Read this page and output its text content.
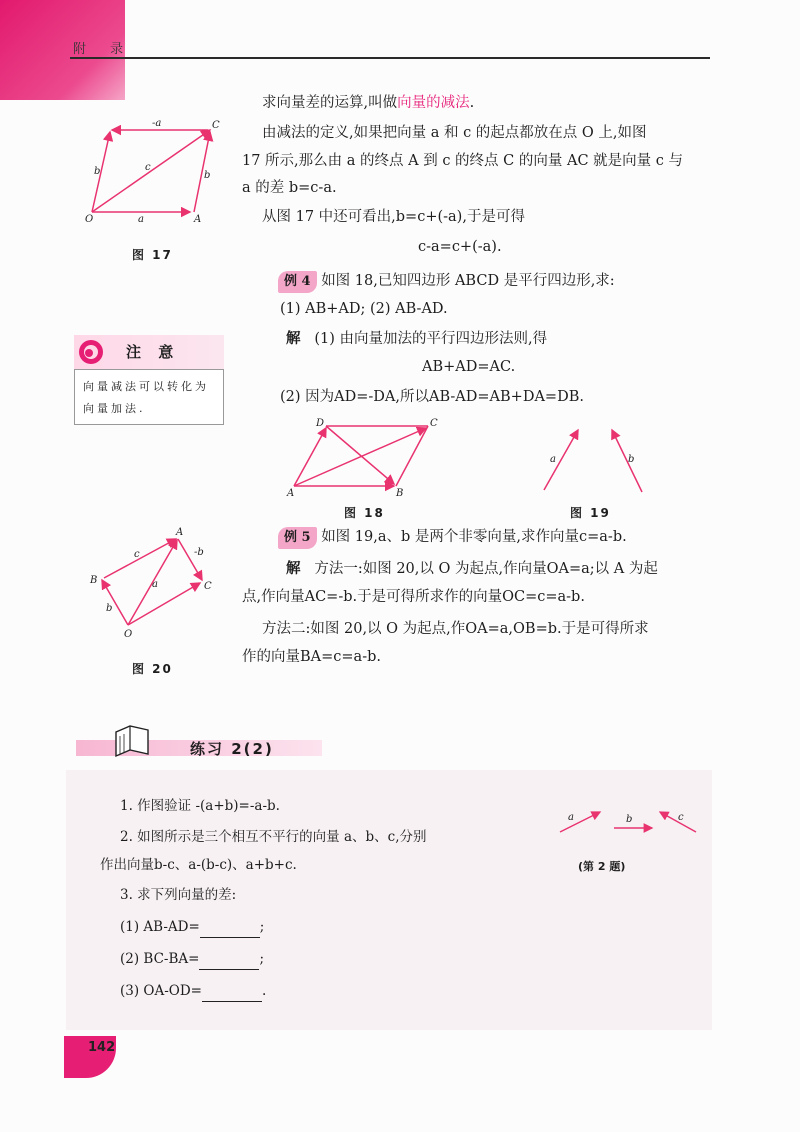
附 录
O	A
C
b	b
a
-a
c
图 17
注 意
向量减法可以转化为向量加法.
A
B
C
O
a
b
c	-b
图 20
求向量差的运算,叫做向量的减法.
由减法的定义,如果把向量 a 和 c 的起点都放在点 O 上,如图
17 所示,那么由 a 的终点 A 到 c 的终点 C 的向量 AC 就是向量 c 与
a 的差 b=c-a.
从图 17 中还可看出,b=c+(-a),于是可得
c-a=c+(-a).
例 4 如图 18,已知四边形 ABCD 是平行四边形,求:
(1) AB+AD; (2) AB-AD.
解 (1) 由向量加法的平行四边形法则,得
AB+AD=AC.
(2) 因为AD=-DA,所以AB-AD=AB+DA=DB.
A	B
C
D
图 18
a	b
图 19
例 5 如图 19,a、b 是两个非零向量,求作向量c=a-b.
解 方法一:如图 20,以 O 为起点,作向量OA=a;以 A 为起
点,作向量AC=-b.于是可得所求作的向量OC=c=a-b.
方法二:如图 20,以 O 为起点,作OA=a,OB=b.于是可得所求
作的向量BA=c=a-b.
练习 2(2)
1. 作图验证 -(a+b)=-a-b.
2. 如图所示是三个相互不平行的向量 a、b、c,分别
作出向量b-c、a-(b-c)、a+b+c.
3. 求下列向量的差:
(1) AB-AD=	;
(2) BC-BA=	;
(3) OA-OD=	.
a	b	c
(第 2 题)
142
